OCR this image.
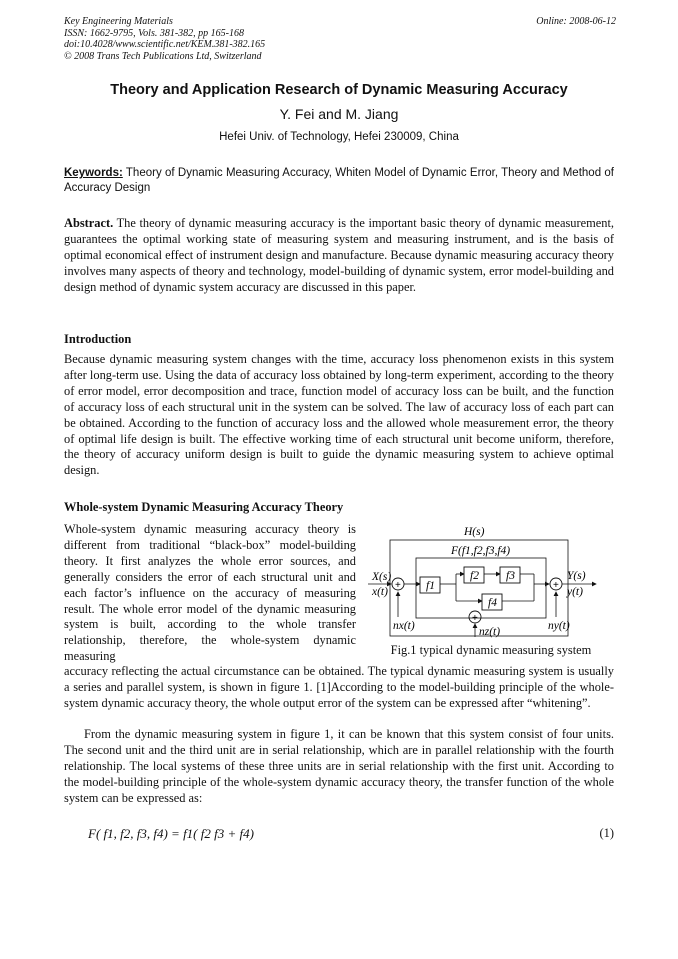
Key Engineering Materials
ISSN: 1662-9795, Vols. 381-382, pp 165-168
doi:10.4028/www.scientific.net/KEM.381-382.165
© 2008 Trans Tech Publications Ltd, Switzerland
Online: 2008-06-12
Theory and Application Research of Dynamic Measuring Accuracy
Y. Fei and M. Jiang
Hefei Univ. of Technology, Hefei 230009, China
Keywords: Theory of Dynamic Measuring Accuracy, Whiten Model of Dynamic Error, Theory and Method of Accuracy Design

Abstract. The theory of dynamic measuring accuracy is the important basic theory of dynamic measurement, guarantees the optimal working state of measuring system and measuring instrument, and is the basis of optimal economical effect of instrument design and manufacture. Because dynamic measuring accuracy theory involves many aspects of theory and technology, model-building of dynamic system, error model-building and design method of dynamic system accuracy are discussed in this paper.

Introduction

Because dynamic measuring system changes with the time, accuracy loss phenomenon exists in this system after long-term use. Using the data of accuracy loss obtained by long-term experiment, according to the theory of error model, error decomposition and trace, function model of accuracy loss can be built, and the function of accuracy loss of each structural unit in the system can be solved. The law of accuracy loss of each part can be obtained. According to the function of accuracy loss and the allowed whole measurement error, the theory of optimal life design is built. The effective working time of each structural unit become uniform, therefore, the theory of accuracy uniform design is built to guide the dynamic measuring system to achieve optimal design.

Whole-system Dynamic Measuring Accuracy Theory

Whole-system dynamic measuring accuracy theory is different from traditional “black-box” model-building theory. It first analyzes the whole error sources, and generally considers the error of each structural unit and each factor’s influence on the accuracy of measuring result. The whole error model of the dynamic measuring system is built, according to the whole transfer relationship, therefore, the whole-system dynamic measuring

accuracy reflecting the actual circumstance can be obtained. The typical dynamic measuring system is usually a series and parallel system, is shown in figure 1. [1]According to the model-building principle of the whole-system dynamic accuracy theory, the whole output error of the system can be expressed after “whitening”.

From the dynamic measuring system in figure 1, it can be known that this system consist of four units. The second unit and the third unit are in serial relationship, which are in parallel relationship with the fourth relationship. The local systems of these three units are in serial relationship with the first unit. According to the model-building principle of the whole-system dynamic accuracy theory, the transfer function of the whole system can be expressed as:

H(s)
F(f1,f2,f3,f4)
+
X(s)
x(t)
nx(t)
f1
f2 f3
f4
+
nz(t)
+
Y(s)
y(t)
ny(t)
Fig.1 typical dynamic measuring system
F( f1, f2, f3, f4) = f1( f2 f3 + f4)	(1)
